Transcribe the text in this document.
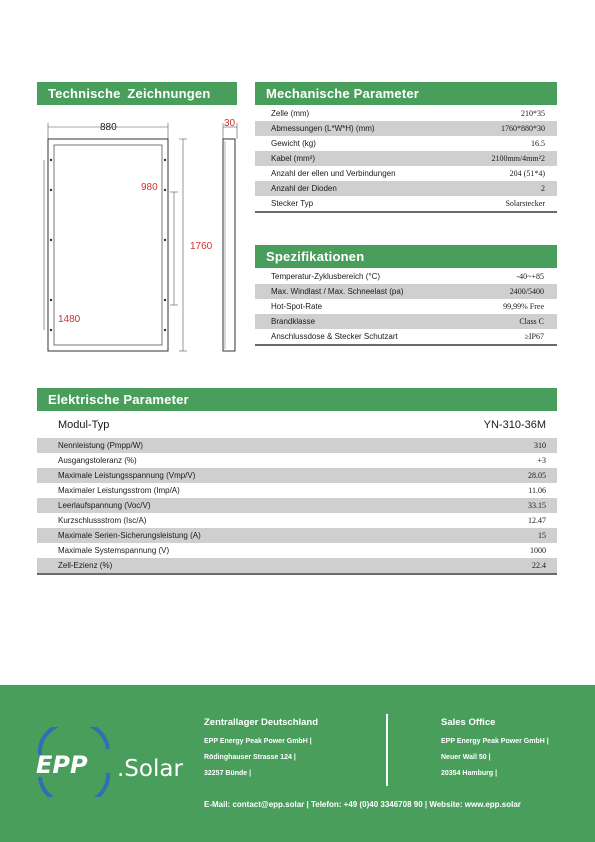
Technische Zeichnungen	Mechanische Parameter
Spezifikationen
Elektrische Parameter
880
980
1760
1480
30
Zelle (mm)	210*35
Abmessungen (L*W*H) (mm)	1760*880*30
Gewicht (kg)	16.5
Kabel (mm²)	2100mm/4mm²2
Anzahl der ellen und Verbindungen	204 (51*4)
Anzahl der Dioden	2
Stecker Typ	Solarstecker
Temperatur-Zyklusbereich (°C)	-40~+85
Max. Windlast / Max. Schneelast (pa)	2400/5400
Hot-Spot-Rate	99,99% Free
Brandklasse	Class C
Anschlussdose & Stecker Schutzart	≥IP67
Modul-Typ	YN-310-36M
Nennleistung (Pmpp/W)	310
Ausgangstoleranz (%)	+3
Maximale Leistungsspannung (Vmp/V)	28.05
Maximaler Leistungsstrom (Imp/A)	11.06
Leerlaufspannung (Voc/V)	33.15
Kurzschlussstrom (Isc/A)	12.47
Maximale Serien-Sicherungsleistung (A)	15
Maximale Systemspannung (V)	1000
Zell-Ezienz (%)	22.4
EPP .Solar
Zentrallager Deutschland
EPP Energy Peak Power GmbH |
Rödinghauser Strasse 124 |
32257 Bünde |
Sales Office
EPP Energy Peak Power GmbH |
Neuer Wall 50 |
20354 Hamburg |
E-Mail: contact@epp.solar | Telefon: +49 (0)40 3346708 90 | Website: www.epp.solar
